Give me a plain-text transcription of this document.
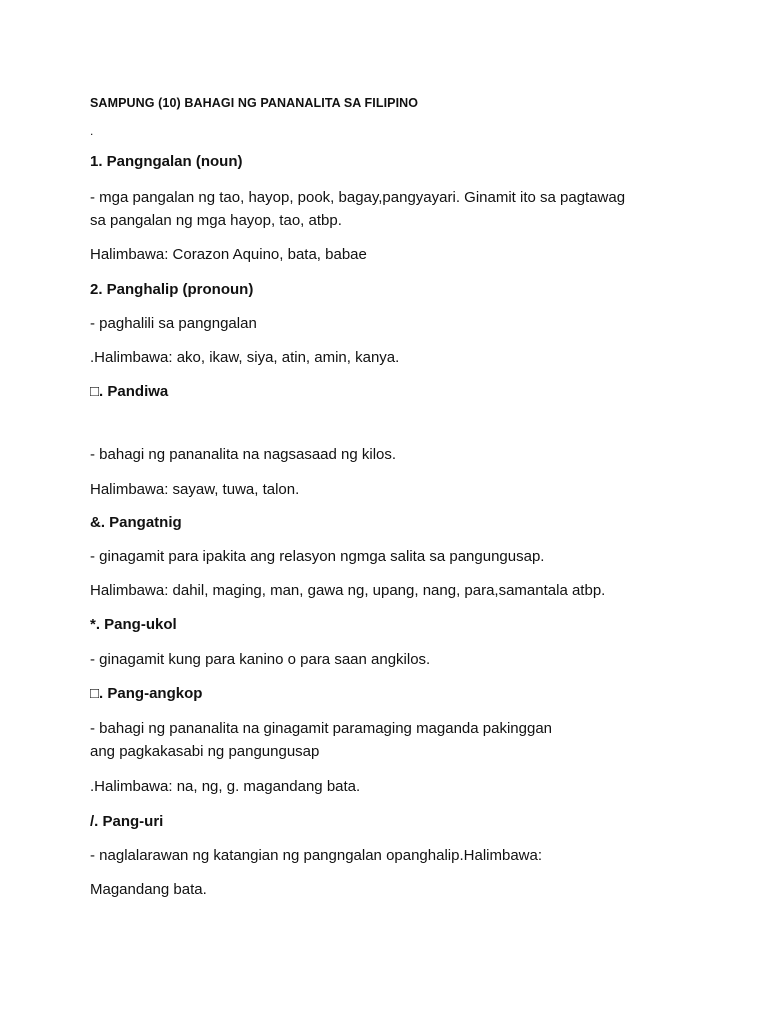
SAMPUNG (10) BAHAGI NG PANANALITA SA FILIPINO
.
1. Pangngalan (noun)
- mga pangalan ng tao, hayop, pook, bagay,pangyayari. Ginamit ito sa pagtawag
sa pangalan ng mga hayop, tao, atbp.
Halimbawa: Corazon Aquino, bata, babae
2. Panghalip (pronoun)
- paghalili sa pangngalan
.Halimbawa: ako, ikaw, siya, atin, amin, kanya.
□. Pandiwa
- bahagi ng pananalita na nagsasaad ng kilos.
Halimbawa: sayaw, tuwa, talon.
&. Pangatnig
- ginagamit para ipakita ang relasyon ngmga salita sa pangungusap.
Halimbawa: dahil, maging, man, gawa ng, upang, nang, para,samantala atbp.
*. Pang-ukol
- ginagamit kung para kanino o para saan angkilos.
□. Pang-angkop
- bahagi ng pananalita na ginagamit paramaging maganda pakinggan
ang pagkakasabi ng pangungusap
.Halimbawa: na, ng, g. magandang bata.
/. Pang-uri
- naglalarawan ng katangian ng pangngalan opanghalip.Halimbawa:
Magandang bata.
